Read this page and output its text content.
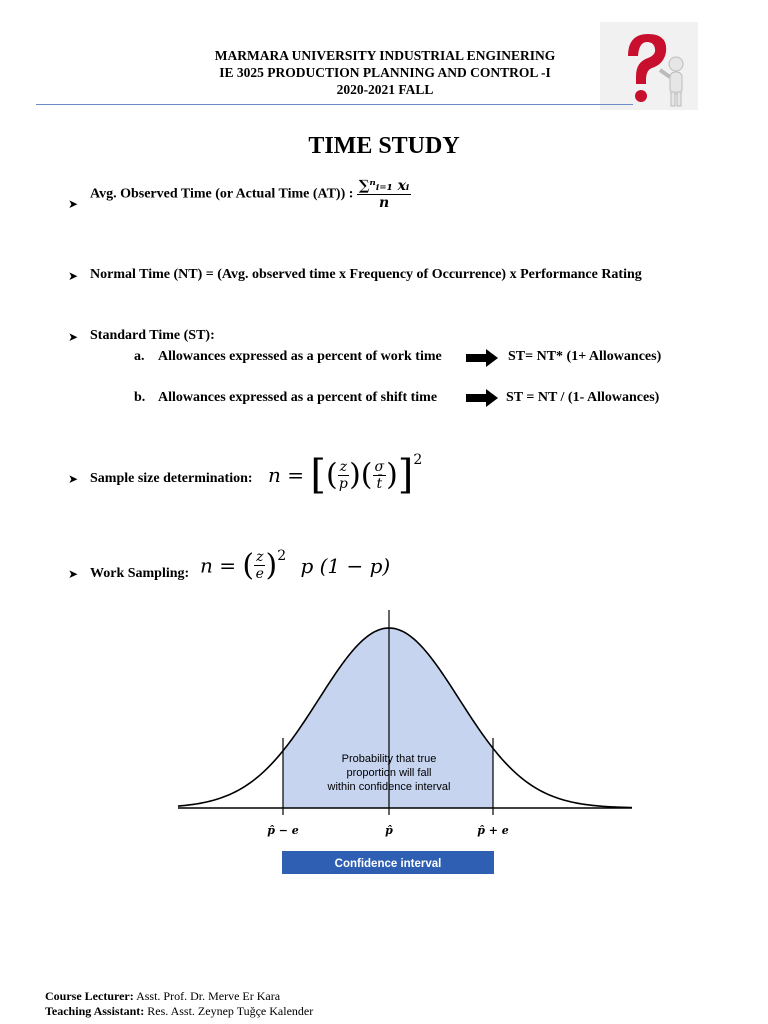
MARMARA UNIVERSITY INDUSTRIAL ENGINERING
IE 3025 PRODUCTION PLANNING AND CONTROL -I
2020-2021 FALL
TIME STUDY
➤
Avg. Observed Time (or Actual Time (AT)) : $\frac{\text{∑ⁿᵢ₌₁ xᵢ}}{n}$
➤ Normal Time (NT) = (Avg. observed time x Frequency of Occurrence) x Performance Rating
➤ Standard Time (ST):
a. Allowances expressed as a percent of work time	ST= NT* (1+ Allowances)
b. Allowances expressed as a percent of shift time	ST = NT / (1- Allowances)
➤ Sample size determination: n = [( $\frac{z}{p}$ )( $\frac{\sigma}{t̄} )]^2$
➤ Work Sampling: n = ( $\frac{z}{e} )^2$ p (1 − p)
Probability that true
proportion will fall
within confidence interval
p̂ − e	p̂	p̂ + e
Confidence interval
Course Lecturer: Asst. Prof. Dr. Merve Er Kara
Teaching Assistant: Res. Asst. Zeynep Tuğçe Kalender
